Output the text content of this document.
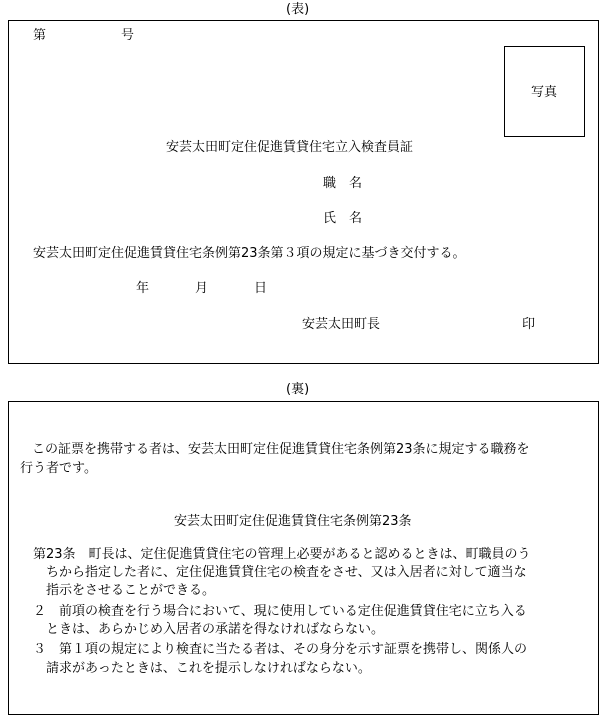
(表)
第	号
写真
安芸太田町定住促進賃貸住宅立入検査員証
職　名
氏　名
安芸太田町定住促進賃貸住宅条例第23条第３項の規定に基づき交付する。
年	月	日
安芸太田町長	印
(裏)
この証票を携帯する者は、安芸太田町定住促進賃貸住宅条例第23条に規定する職務を
行う者です。
安芸太田町定住促進賃貸住宅条例第23条
第23条　町長は、定住促進賃貸住宅の管理上必要があると認めるときは、町職員のう
ちから指定した者に、定住促進賃貸住宅の検査をさせ、又は入居者に対して適当な
指示をさせることができる。
２　前項の検査を行う場合において、現に使用している定住促進賃貸住宅に立ち入る
ときは、あらかじめ入居者の承諾を得なければならない。
３　第１項の規定により検査に当たる者は、その身分を示す証票を携帯し、関係人の
請求があったときは、これを提示しなければならない。
